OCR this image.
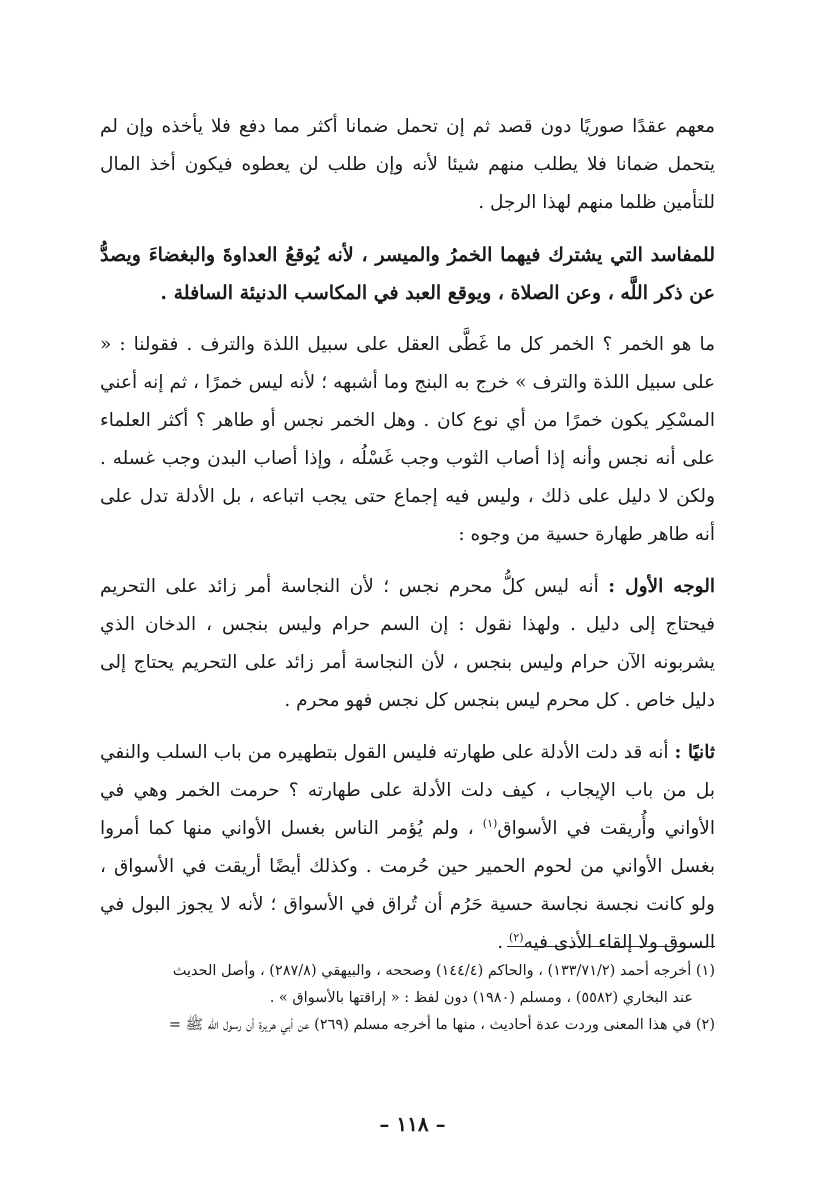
معهم عقدًا صوريًا دون قصد ثم إن تحمل ضمانا أكثر مما دفع فلا يأخذه وإن لم يتحمل ضمانا فلا يطلب منهم شيئا لأنه وإن طلب لن يعطوه فيكون أخذ المال للتأمين ظلما منهم لهذا الرجل .

للمفاسد التي يشترك فيهما الخمرُ والميسر ، لأنه يُوقعُ العداوةَ والبغضاءَ ويصدُّ عن ذكر اللَّه ، وعن الصلاة ، ويوقع العبد في المكاسب الدنيئة السافلة .

ما هو الخمر ؟ الخمر كل ما غَطَّى العقل على سبيل اللذة والترف . فقولنا : « على سبيل اللذة والترف » خرج به البنج وما أشبهه ؛ لأنه ليس خمرًا ، ثم إنه أعني المسْكِر يكون خمرًا من أي نوع كان . وهل الخمر نجس أو طاهر ؟ أكثر العلماء على أنه نجس وأنه إذا أصاب الثوب وجب غَسْلُه ، وإذا أصاب البدن وجب غسله . ولكن لا دليل على ذلك ، وليس فيه إجماع حتى يجب اتباعه ، بل الأدلة تدل على أنه طاهر طهارة حسية من وجوه :

الوجه الأول : أنه ليس كلُّ محرم نجس ؛ لأن النجاسة أمر زائد على التحريم فيحتاج إلى دليل . ولهذا نقول : إن السم حرام وليس بنجس ، الدخان الذي يشربونه الآن حرام وليس بنجس ، لأن النجاسة أمر زائد على التحريم يحتاج إلى دليل خاص . كل محرم ليس بنجس كل نجس فهو محرم .

ثانيًا : أنه قد دلت الأدلة على طهارته فليس القول بتطهيره من باب السلب والنفي بل من باب الإيجاب ، كيف دلت الأدلة على طهارته ؟ حرمت الخمر وهي في الأواني وأُريقت في الأسواق$^{(١)}$ ، ولم يُؤمر الناس بغسل الأواني منها كما أمروا بغسل الأواني من لحوم الحمير حين حُرمت . وكذلك أيضًا أريقت في الأسواق ، ولو كانت نجسة نجاسة حسية حَرُم أن تُراق في الأسواق ؛ لأنه لا يجوز البول في السوق ولا إلقاء الأذى فيه$^{(٢)}$ .

(١) أخرجه أحمد (١٣٣/٧١/٢) ، والحاكم (١٤٤/٤) وصححه ، والبيهقي (٢٨٧/٨) ، وأصل الحديث

عند البخاري (٥٥٨٢) ، ومسلم (١٩٨٠) دون لفظ : « إراقتها بالأسواق » .

(٢) في هذا المعنى وردت عدة أحاديث ، منها ما أخرجه مسلم (٢٦٩) عن أبي هريرة أن رسول الله ﷺ =

– ١١٨ –
